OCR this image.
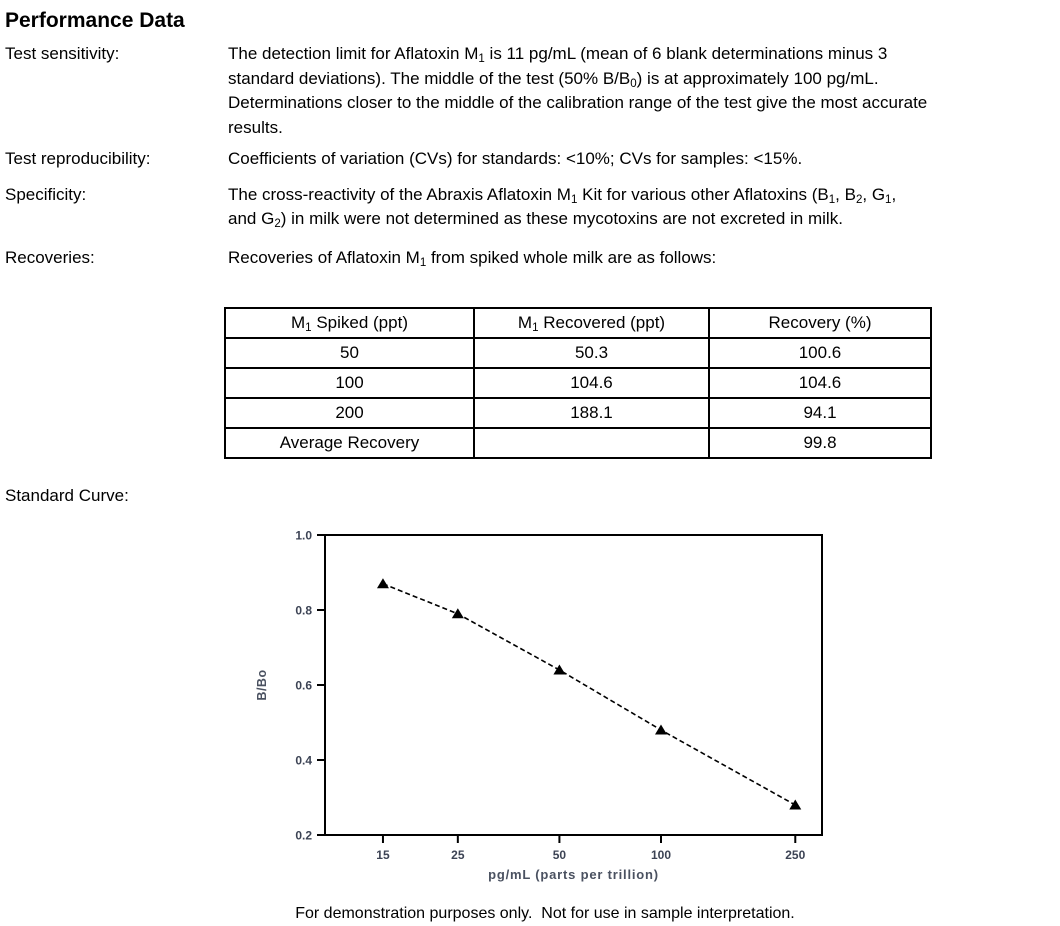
Performance Data
Test sensitivity:	The detection limit for Aflatoxin $M_1$ is 11 pg/mL (mean of 6 blank determinations minus 3
standard deviations). The middle of the test (50% $B/B_0$) is at approximately 100 pg/mL.
Determinations closer to the middle of the calibration range of the test give the most accurate
results.
Test reproducibility:	Coefficients of variation (CVs) for standards: <10%; CVs for samples: <15%.
Specificity:	The cross-reactivity of the Abraxis Aflatoxin $M_1$ Kit for various other Aflatoxins ($B_1$, $B_2$, $G_1$,
and $G_2$) in milk were not determined as these mycotoxins are not excreted in milk.
Recoveries:	Recoveries of Aflatoxin $M_1$ from spiked whole milk are as follows:
$M_1$ Spiked (ppt)	$M_1$ Recovered (ppt)	Recovery (%)
50	50.3	100.6
100	104.6	104.6
200	188.1	94.1
Average Recovery		99.8
Standard Curve:
0.2
0.4
0.6
0.8
1.0
15	25	50	100	250
B/Bo
pg/mL (parts per trillion)
For demonstration purposes only.  Not for use in sample interpretation.
